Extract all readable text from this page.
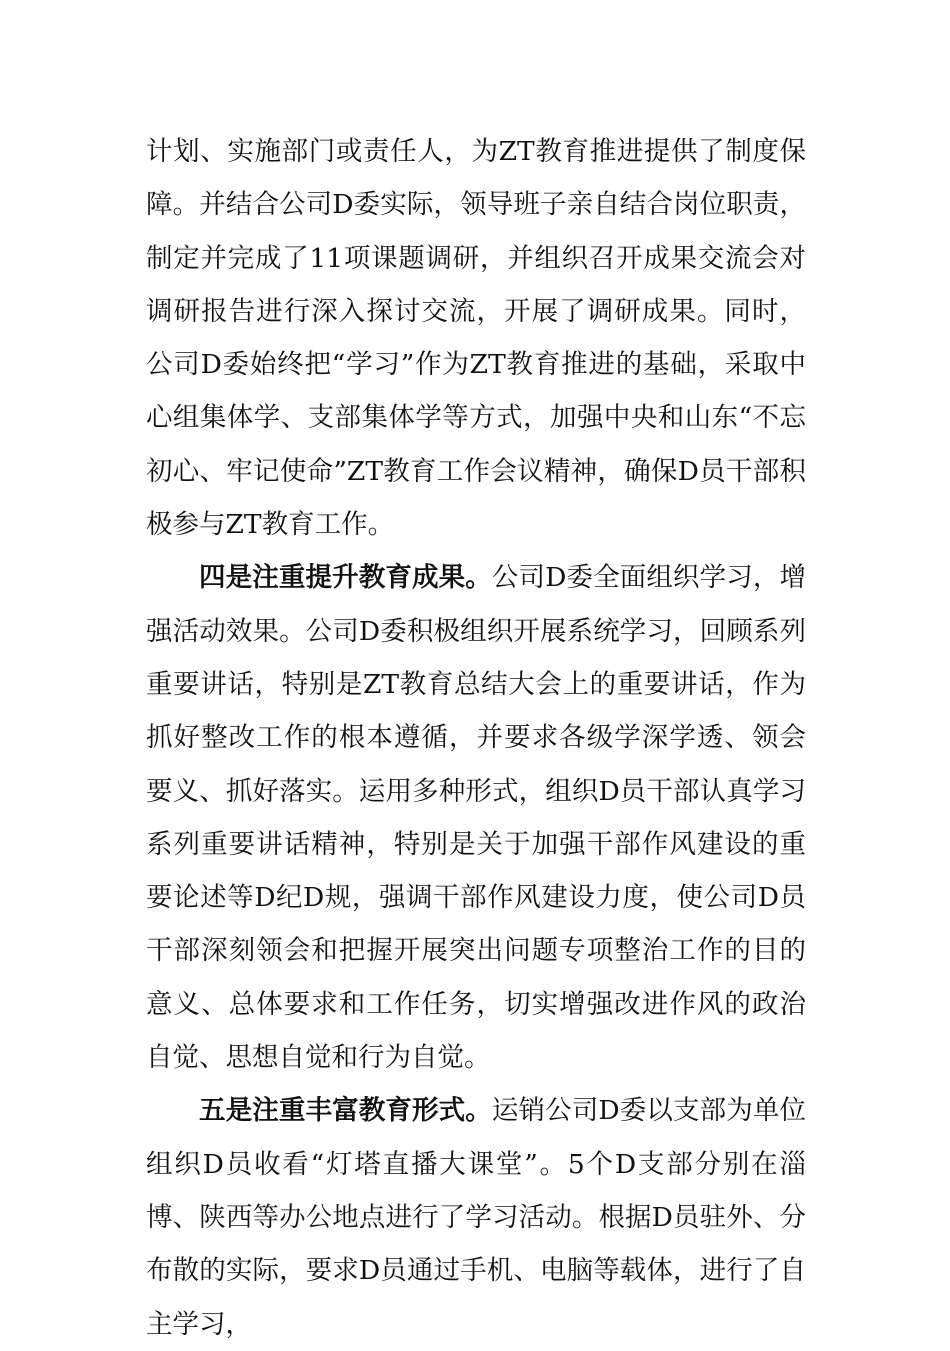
计划、实施部门或责任人，为ZT教育推进提供了制度保障。并结合公司D委实际，领导班子亲自结合岗位职责，制定并完成了11项课题调研，并组织召开成果交流会对调研报告进行深入探讨交流，开展了调研成果。同时，公司D委始终把“学习”作为ZT教育推进的基础，采取中心组集体学、支部集体学等方式，加强中央和山东“不忘初心、牢记使命”ZT教育工作会议精神，确保D员干部积极参与ZT教育工作。

四是注重提升教育成果。公司D委全面组织学习，增强活动效果。公司D委积极组织开展系统学习，回顾系列重要讲话，特别是ZT教育总结大会上的重要讲话，作为抓好整改工作的根本遵循，并要求各级学深学透、领会要义、抓好落实。运用多种形式，组织D员干部认真学习系列重要讲话精神，特别是关于加强干部作风建设的重要论述等D纪D规，强调干部作风建设力度，使公司D员干部深刻领会和把握开展突出问题专项整治工作的目的意义、总体要求和工作任务，切实增强改进作风的政治自觉、思想自觉和行为自觉。

五是注重丰富教育形式。运销公司D委以支部为单位组织D员收看“灯塔直播大课堂”。5个D支部分别在淄博、陕西等办公地点进行了学习活动。根据D员驻外、分布散的实际，要求D员通过手机、电脑等载体，进行了自主学习，
